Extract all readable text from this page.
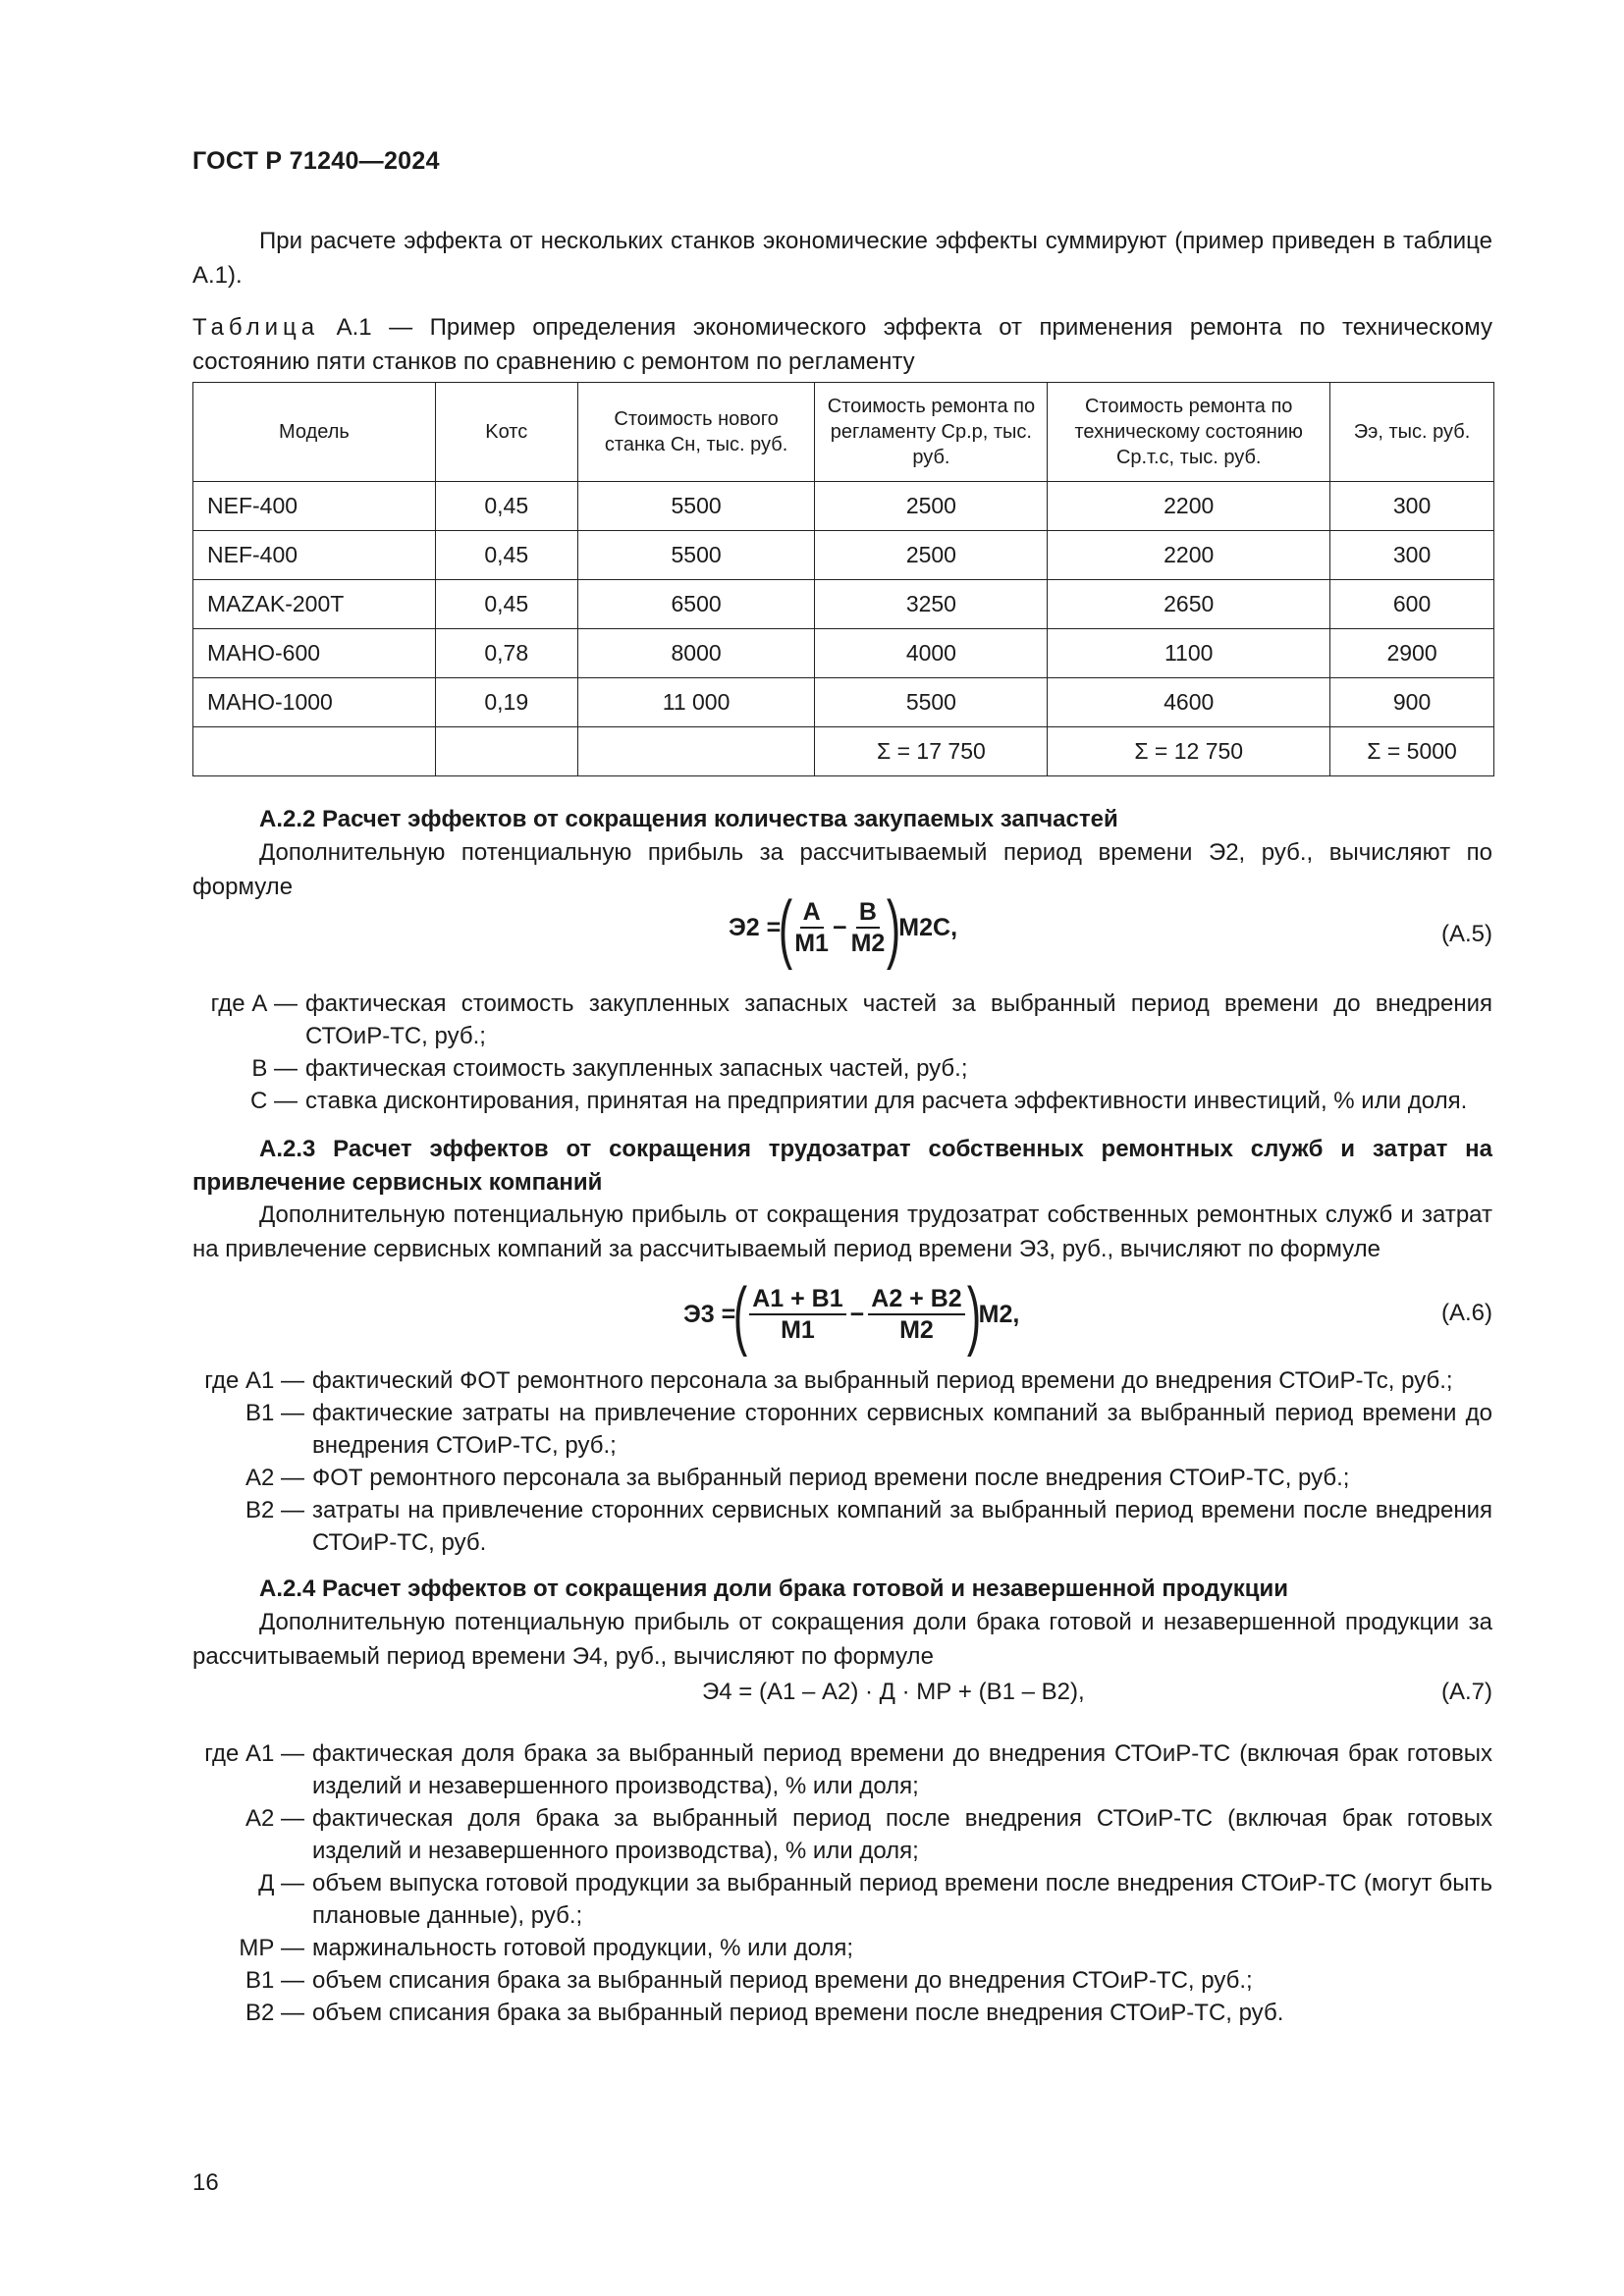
ГОСТ Р 71240—2024
При расчете эффекта от нескольких станков экономические эффекты суммируют (пример приведен в таблице А.1).
Таблица А.1 — Пример определения экономического эффекта от применения ремонта по техническому состоянию пяти станков по сравнению с ремонтом по регламенту
Модель	Kотс	Стоимость нового станка Сн, тыс. руб.	Стоимость ремонта по регламенту Ср.р, тыс. руб.	Стоимость ремонта по техническому состоянию Ср.т.с, тыс. руб.	Ээ, тыс. руб.
NEF-400	0,45	5500	2500	2200	300
NEF-400	0,45	5500	2500	2200	300
MAZAK-200T	0,45	6500	3250	2650	600
MAHO-600	0,78	8000	4000	1100	2900
MAHO-1000	0,19	11 000	5500	4600	900
			Σ = 17 750	Σ = 12 750	Σ = 5000
А.2.2 Расчет эффектов от сокращения количества закупаемых запчастей
Дополнительную потенциальную прибыль за рассчитываемый период времени Э2, руб., вычисляют по формуле
Э2 =
( $\frac{А}{М1} - \frac{В}{М2}$ )
М2С,	(А.5)
где А — фактическая стоимость закупленных запасных частей за выбранный период времени до внедрения СТОиР-ТС, руб.;
В — фактическая стоимость закупленных запасных частей, руб.;
С — ставка дисконтирования, принятая на предприятии для расчета эффективности инвестиций, % или доля.
А.2.3 Расчет эффектов от сокращения трудозатрат собственных ремонтных служб и затрат на привлечение сервисных компаний
Дополнительную потенциальную прибыль от сокращения трудозатрат собственных ремонтных служб и затрат на привлечение сервисных компаний за рассчитываемый период времени Э3, руб., вычисляют по формуле
Э3 =
( $\frac{А1 + В1}{М1} - \frac{А2 + В2}{М2}$ )
М2,	(А.6)
где А1 — фактический ФОТ ремонтного персонала за выбранный период времени до внедрения СТОиР-Тс, руб.;
В1 — фактические затраты на привлечение сторонних сервисных компаний за выбранный период времени до внедрения СТОиР-ТС, руб.;
А2 — ФОТ ремонтного персонала за выбранный период времени после внедрения СТОиР-ТС, руб.;
В2 — затраты на привлечение сторонних сервисных компаний за выбранный период времени после внедрения СТОиР-ТС, руб.
А.2.4 Расчет эффектов от сокращения доли брака готовой и незавершенной продукции
Дополнительную потенциальную прибыль от сокращения доли брака готовой и незавершенной продукции за рассчитываемый период времени Э4, руб., вычисляют по формуле
Э4 = (А1 – А2) · Д · МР + (В1 – В2),	(А.7)
где А1 — фактическая доля брака за выбранный период времени до внедрения СТОиР-ТС (включая брак готовых изделий и незавершенного производства), % или доля;
А2 — фактическая доля брака за выбранный период после внедрения СТОиР-ТС (включая брак готовых изделий и незавершенного производства), % или доля;
Д — объем выпуска готовой продукции за выбранный период времени после внедрения СТОиР-ТС (могут быть плановые данные), руб.;
МР — маржинальность готовой продукции, % или доля;
В1 — объем списания брака за выбранный период времени до внедрения СТОиР-ТС, руб.;
В2 — объем списания брака за выбранный период времени после внедрения СТОиР-ТС, руб.
16
